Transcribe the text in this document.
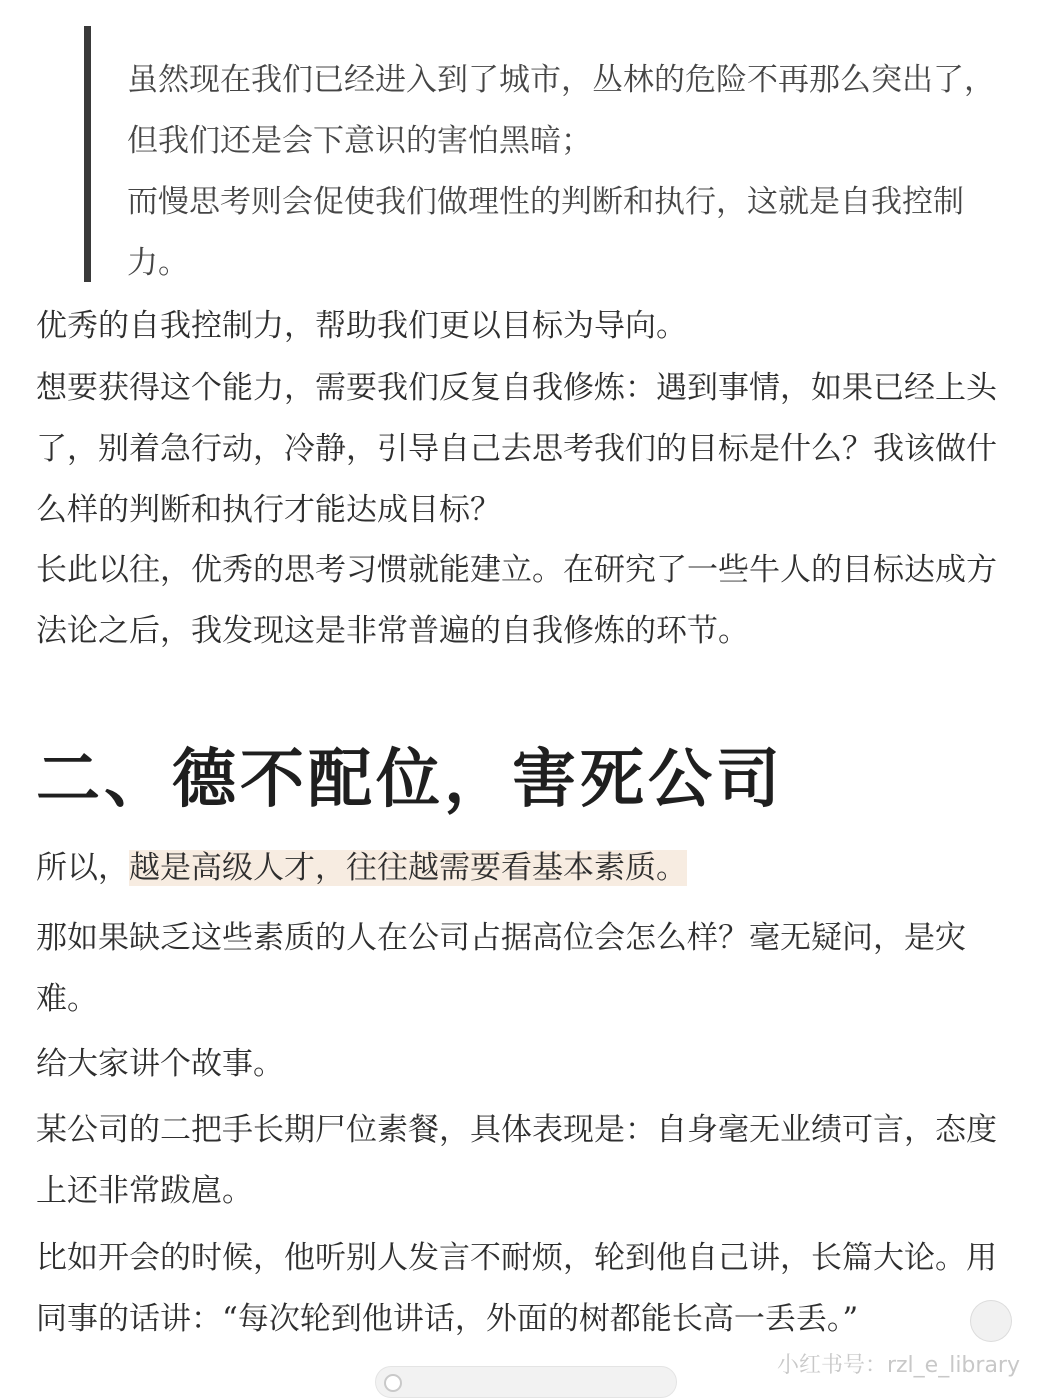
虽然现在我们已经进入到了城市，丛林的危险不再那么突出了，但我们还是会下意识的害怕黑暗；

而慢思考则会促使我们做理性的判断和执行，这就是自我控制力。

优秀的自我控制力，帮助我们更以目标为导向。

想要获得这个能力，需要我们反复自我修炼：遇到事情，如果已经上头了，别着急行动，冷静，引导自己去思考我们的目标是什么？我该做什么样的判断和执行才能达成目标？

长此以往，优秀的思考习惯就能建立。在研究了一些牛人的目标达成方法论之后，我发现这是非常普遍的自我修炼的环节。

二、德不配位，害死公司

所以，越是高级人才，往往越需要看基本素质。

那如果缺乏这些素质的人在公司占据高位会怎么样？毫无疑问，是灾难。

给大家讲个故事。

某公司的二把手长期尸位素餐，具体表现是：自身毫无业绩可言，态度上还非常跋扈。

比如开会的时候，他听别人发言不耐烦，轮到他自己讲，长篇大论。用同事的话讲：“每次轮到他讲话，外面的树都能长高一丢丢。”

小红书号：rzl_e_library
